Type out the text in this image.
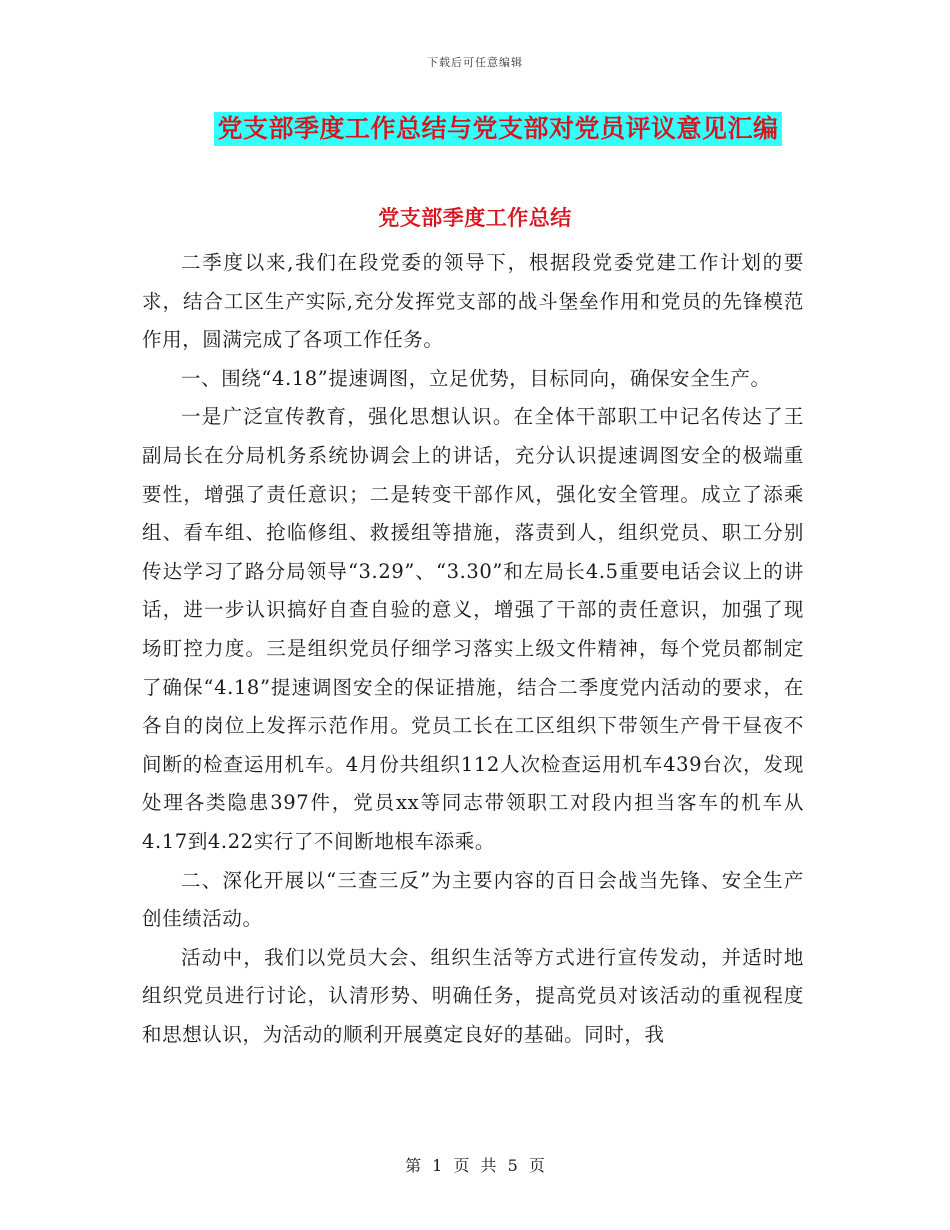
下载后可任意编辑
党支部季度工作总结与党支部对党员评议意见汇编
党支部季度工作总结

二季度以来,我们在段党委的领导下，根据段党委党建工作计划的要求，结合工区生产实际,充分发挥党支部的战斗堡垒作用和党员的先锋模范作用，圆满完成了各项工作任务。

一、围绕“4.18”提速调图，立足优势，目标同向，确保安全生产。

一是广泛宣传教育，强化思想认识。在全体干部职工中记名传达了王副局长在分局机务系统协调会上的讲话，充分认识提速调图安全的极端重要性，增强了责任意识；二是转变干部作风，强化安全管理。成立了添乘组、看车组、抢临修组、救援组等措施，落责到人，组织党员、职工分别传达学习了路分局领导“3.29”、“3.30”和左局长4.5重要电话会议上的讲话，进一步认识搞好自查自验的意义，增强了干部的责任意识，加强了现场盯控力度。三是组织党员仔细学习落实上级文件精神，每个党员都制定了确保“4.18”提速调图安全的保证措施，结合二季度党内活动的要求，在各自的岗位上发挥示范作用。党员工长在工区组织下带领生产骨干昼夜不间断的检查运用机车。4月份共组织112人次检查运用机车439台次，发现处理各类隐患397件，党员xx等同志带领职工对段内担当客车的机车从4.17到4.22实行了不间断地根车添乘。

二、深化开展以“三查三反”为主要内容的百日会战当先锋、安全生产创佳绩活动。

活动中，我们以党员大会、组织生活等方式进行宣传发动，并适时地组织党员进行讨论，认清形势、明确任务，提高党员对该活动的重视程度和思想认识，为活动的顺利开展奠定良好的基础。同时，我

第 1 页 共 5 页
